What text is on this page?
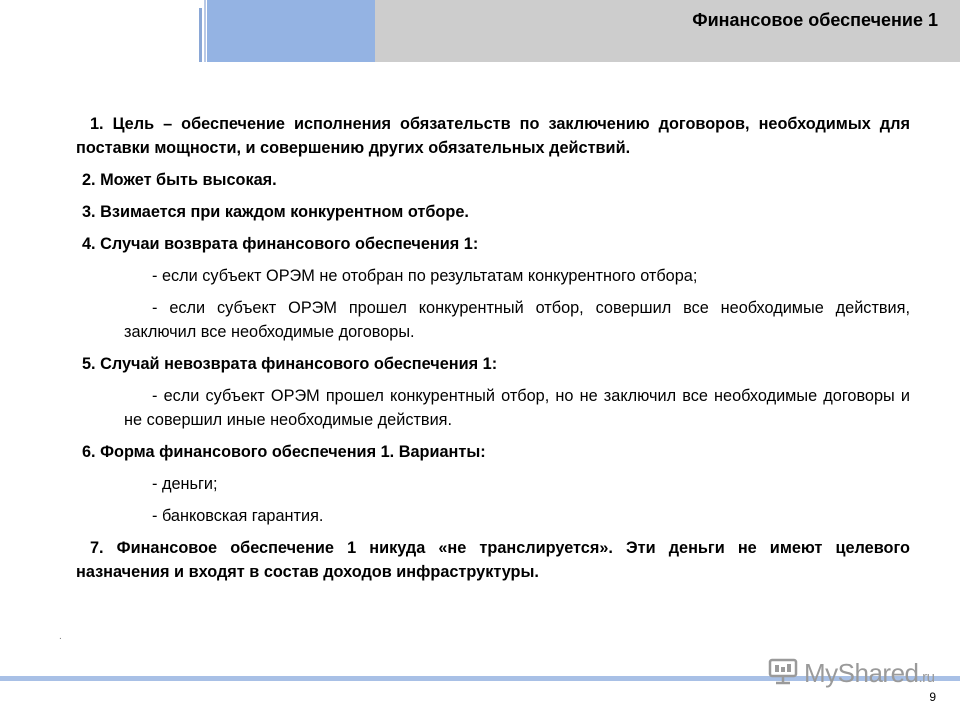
Финансовое обеспечение 1

1. Цель – обеспечение исполнения обязательств по заключению договоров, необходимых для поставки мощности, и совершению других обязательных действий.

2. Может быть высокая.

3. Взимается при каждом конкурентном отборе.

4. Случаи возврата финансового обеспечения 1:

- если субъект ОРЭМ не отобран по результатам конкурентного отбора;

- если субъект ОРЭМ прошел конкурентный отбор, совершил все необходимые действия, заключил все необходимые договоры.

5. Случай невозврата финансового обеспечения 1:

- если субъект ОРЭМ прошел конкурентный отбор, но не заключил все необходимые договоры и не совершил иные необходимые действия.

6. Форма финансового обеспечения 1. Варианты:

- деньги;

- банковская гарантия.

7. Финансовое обеспечение 1 никуда «не транслируется». Эти деньги не имеют целевого назначения и входят в состав доходов инфраструктуры.

.
MyShared.ru
9
